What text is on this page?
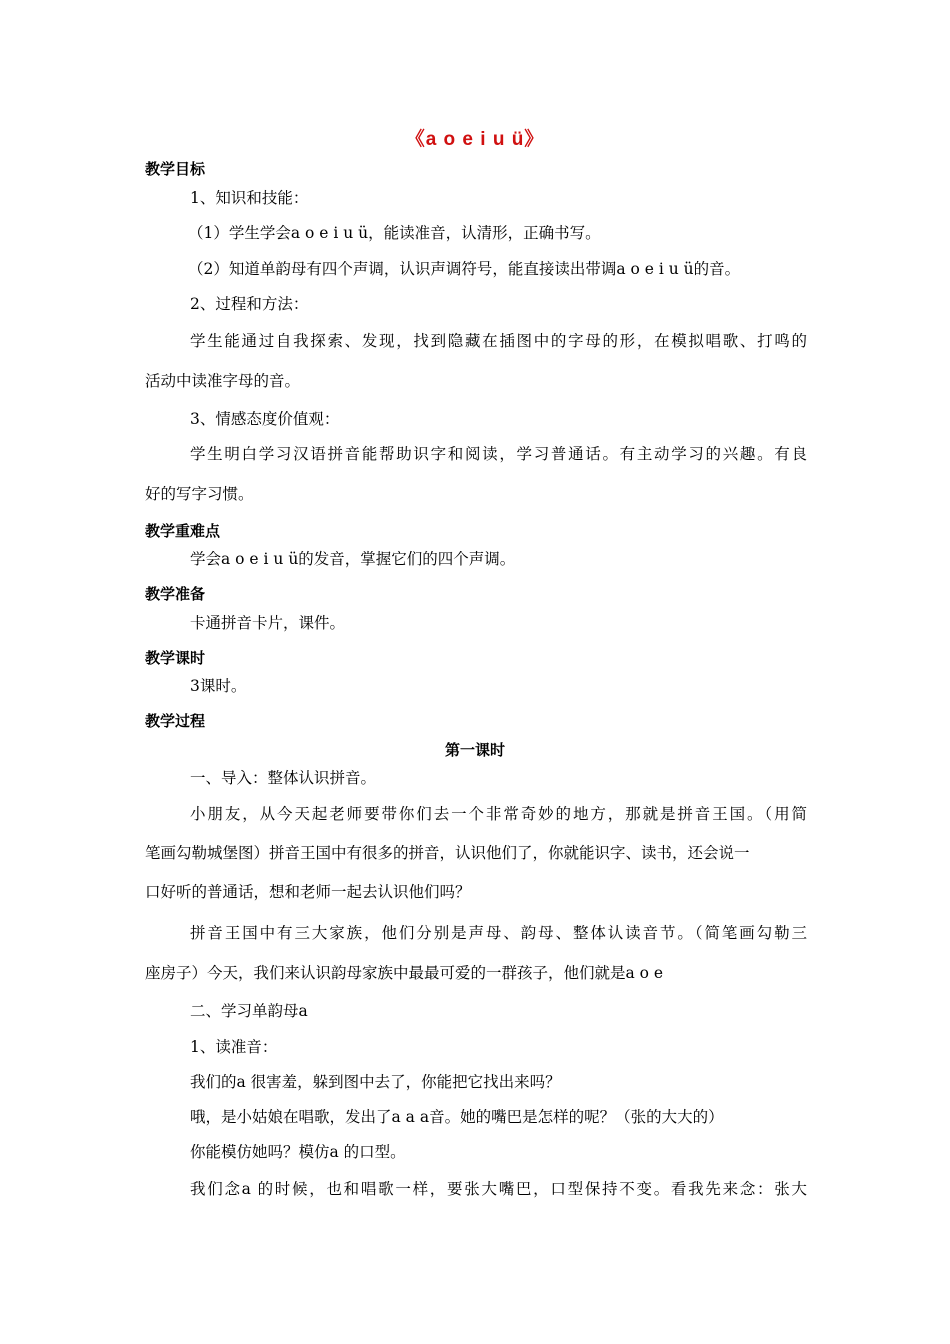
《a o e i u ü》
教学目标
1、知识和技能：
（1）学生学会a o e i u ü，能读准音，认清形，正确书写。
（2）知道单韵母有四个声调，认识声调符号，能直接读出带调a o e i u ü的音。
2、过程和方法：
学生能通过自我探索、发现，找到隐藏在插图中的字母的形，在模拟唱歌、打鸣的
活动中读准字母的音。
3、情感态度价值观：
学生明白学习汉语拼音能帮助识字和阅读，学习普通话。有主动学习的兴趣。有良
好的写字习惯。
教学重难点
学会a o e i u ü的发音，掌握它们的四个声调。
教学准备
卡通拼音卡片，课件。
教学课时
3课时。
教学过程
第一课时
一、导入：整体认识拼音。
小朋友，从今天起老师要带你们去一个非常奇妙的地方，那就是拼音王国。（用简
笔画勾勒城堡图）拼音王国中有很多的拼音，认识他们了，你就能识字、读书，还会说一
口好听的普通话，想和老师一起去认识他们吗？
拼音王国中有三大家族，他们分别是声母、韵母、整体认读音节。（简笔画勾勒三
座房子）今天，我们来认识韵母家族中最最可爱的一群孩子，他们就是a o e
二、学习单韵母a
1、读准音：
我们的a 很害羞，躲到图中去了，你能把它找出来吗？
哦，是小姑娘在唱歌，发出了a a a音。她的嘴巴是怎样的呢？（张的大大的）
你能模仿她吗？模仿a 的口型。
我们念a 的时候，也和唱歌一样，要张大嘴巴，口型保持不变。看我先来念：张大
